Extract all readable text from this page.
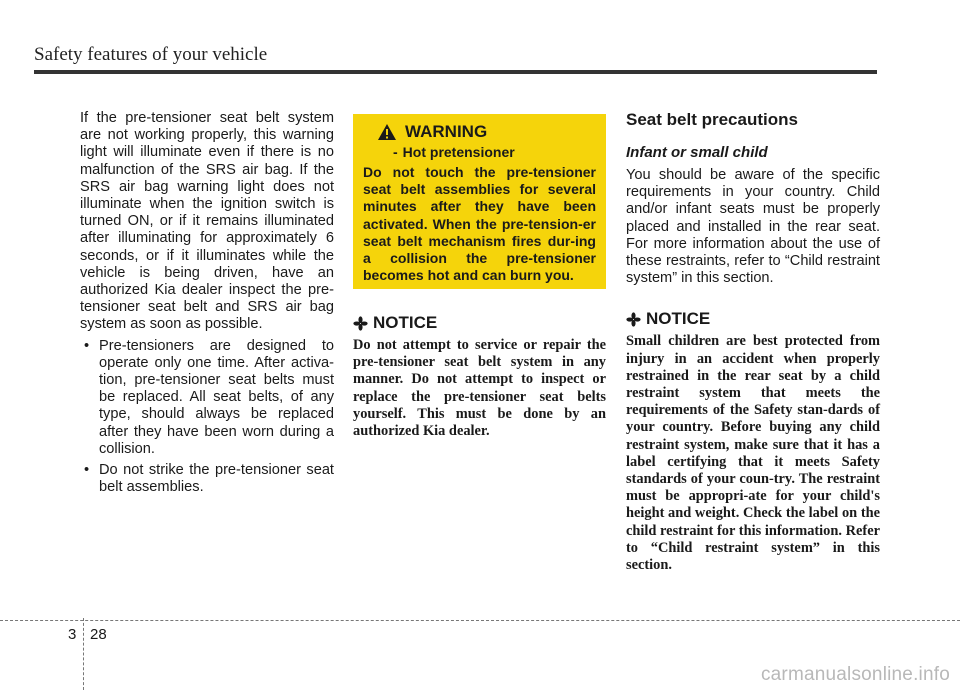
Safety features of your vehicle

If the pre-tensioner seat belt system are not working properly, this warning light will illuminate even if there is no malfunction of the SRS air bag. If the SRS air bag warning light does not illuminate when the ignition switch is turned ON, or if it remains illuminated after illuminating for approximately 6 seconds, or if it illuminates while the vehicle is being driven, have an authorized Kia dealer inspect the pre-tensioner seat belt and SRS air bag system as soon as possible.

• Pre-tensioners are designed to operate only one time. After activa-tion, pre-tensioner seat belts must be replaced. All seat belts, of any type, should always be replaced after they have been worn during a collision.
• Do not strike the pre-tensioner seat belt assemblies.
WARNING
- Hot pretensioner
Do not touch the pre-tensioner seat belt assemblies for several minutes after they have been activated. When the pre-tension-er seat belt mechanism fires dur-ing a collision the pre-tensioner becomes hot and can burn you.
NOTICE
Do not attempt to service or repair the pre-tensioner seat belt system in any manner. Do not attempt to inspect or replace the pre-tensioner seat belts yourself. This must be done by an authorized Kia dealer.
Seat belt precautions
Infant or small child

You should be aware of the specific requirements in your country. Child and/or infant seats must be properly placed and installed in the rear seat. For more information about the use of these restraints, refer to “Child restraint system” in this section.

NOTICE
Small children are best protected from injury in an accident when properly restrained in the rear seat by a child restraint system that meets the requirements of the Safety stan-dards of your country. Before buying any child restraint system, make sure that it has a label certifying that it meets Safety standards of your coun-try. The restraint must be appropri-ate for your child's height and weight. Check the label on the child restraint for this information. Refer to “Child restraint system” in this section.
3 28
carmanualsonline.info
